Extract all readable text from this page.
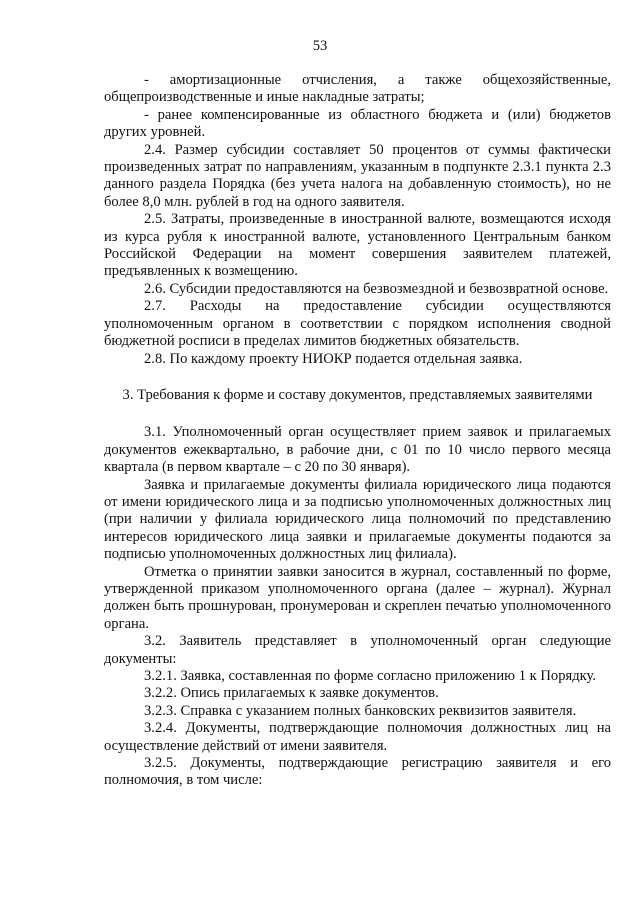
53

- амортизационные отчисления, а также общехозяйственные, общепроизводственные и иные накладные затраты;

- ранее компенсированные из областного бюджета и (или) бюджетов других уровней.

2.4. Размер субсидии составляет 50 процентов от суммы фактически произведенных затрат по направлениям, указанным в подпункте 2.3.1 пункта 2.3 данного раздела Порядка (без учета налога на добавленную стоимость), но не более 8,0 млн. рублей в год на одного заявителя.

2.5. Затраты, произведенные в иностранной валюте, возмещаются исходя из курса рубля к иностранной валюте, установленного Центральным банком Российской Федерации на момент совершения заявителем платежей, предъявленных к возмещению.

2.6. Субсидии предоставляются на безвозмездной и безвозвратной основе.

2.7. Расходы на предоставление субсидии осуществляются уполномоченным органом в соответствии с порядком исполнения сводной бюджетной росписи в пределах лимитов бюджетных обязательств.

2.8. По каждому проекту НИОКР подается отдельная заявка.

3. Требования к форме и составу документов, представляемых заявителями

3.1. Уполномоченный орган осуществляет прием заявок и прилагаемых документов ежеквартально, в рабочие дни, с 01 по 10 число первого месяца квартала (в первом квартале – с 20 по 30 января).

Заявка и прилагаемые документы филиала юридического лица подаются от имени юридического лица и за подписью уполномоченных должностных лиц (при наличии у филиала юридического лица полномочий по представлению интересов юридического лица заявки и прилагаемые документы подаются за подписью уполномоченных должностных лиц филиала).

Отметка о принятии заявки заносится в журнал, составленный по форме, утвержденной приказом уполномоченного органа (далее – журнал). Журнал должен быть прошнурован, пронумерован и скреплен печатью уполномоченного органа.

3.2. Заявитель представляет в уполномоченный орган следующие документы:

3.2.1. Заявка, составленная по форме согласно приложению 1 к Порядку.

3.2.2. Опись прилагаемых к заявке документов.

3.2.3. Справка с указанием полных банковских реквизитов заявителя.

3.2.4. Документы, подтверждающие полномочия должностных лиц на осуществление действий от имени заявителя.

3.2.5. Документы, подтверждающие регистрацию заявителя и его полномочия, в том числе:
